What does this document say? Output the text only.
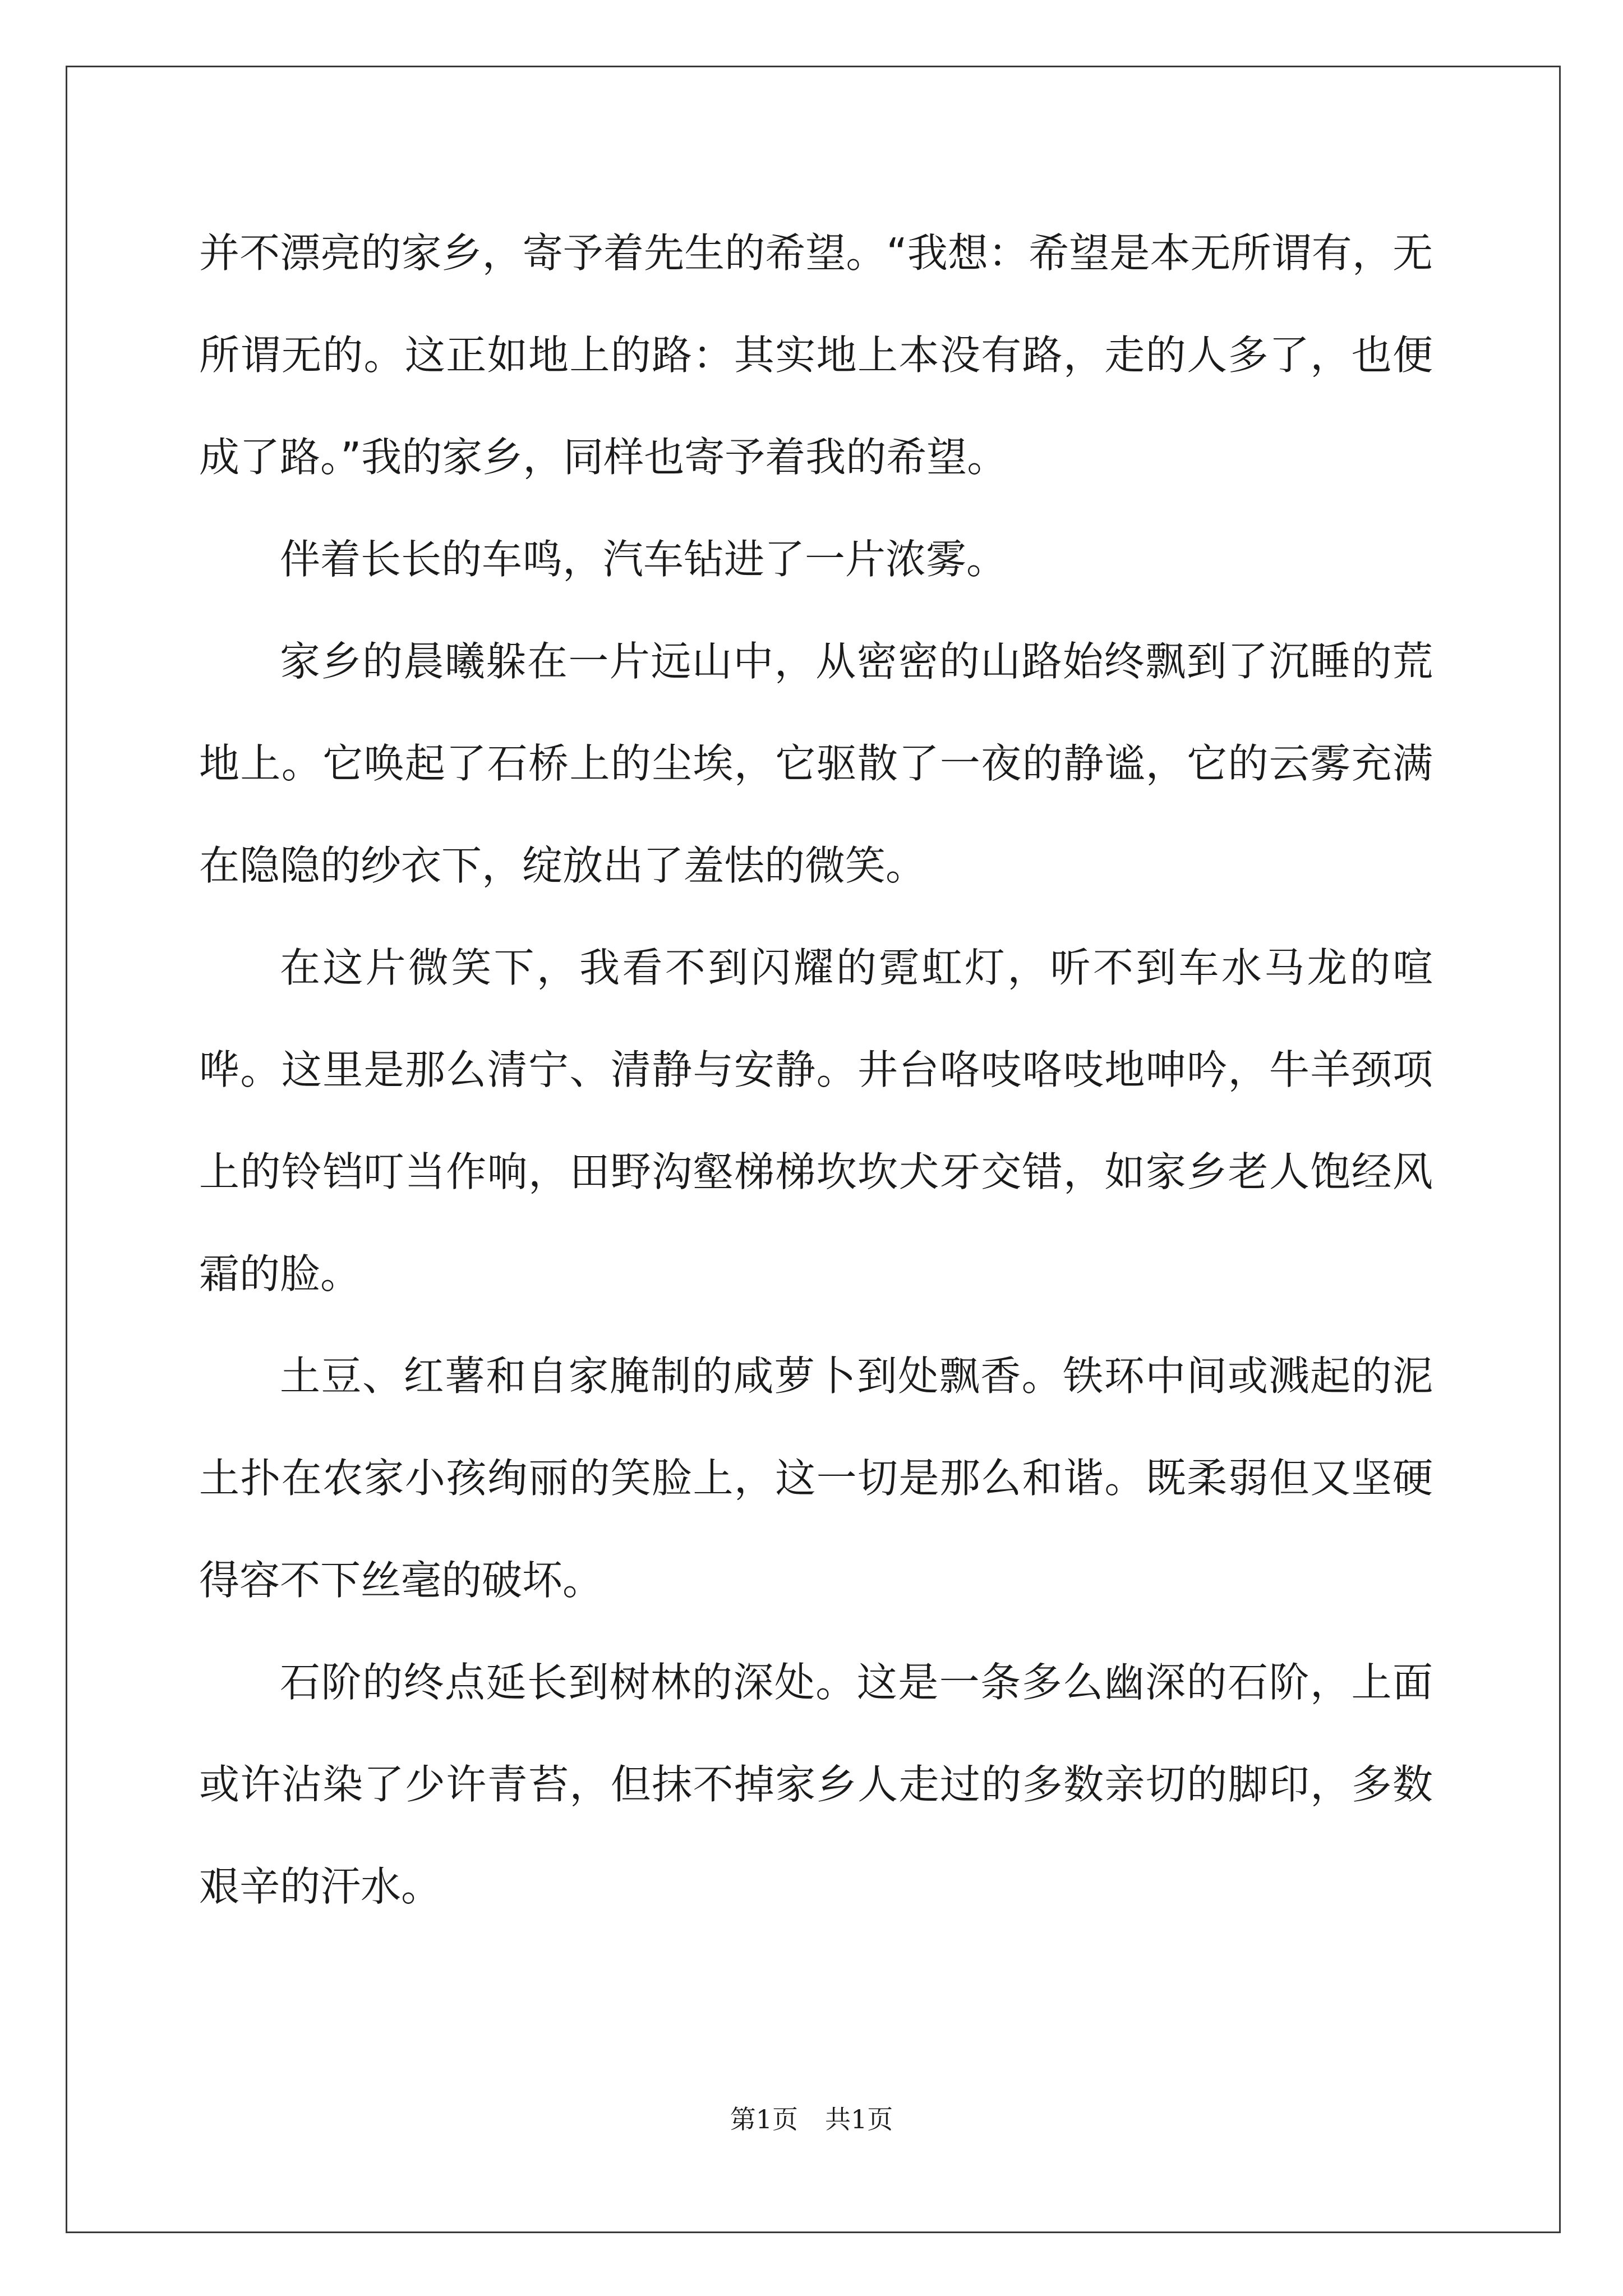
并不漂亮的家乡，寄予着先生的希望。“我想：希望是本无所谓有，无所谓无的。这正如地上的路：其实地上本没有路，走的人多了，也便成了路。”我的家乡，同样也寄予着我的希望。

伴着长长的车鸣，汽车钻进了一片浓雾。

家乡的晨曦躲在一片远山中，从密密的山路始终飘到了沉睡的荒地上。它唤起了石桥上的尘埃，它驱散了一夜的静谧，它的云雾充满在隐隐的纱衣下，绽放出了羞怯的微笑。

在这片微笑下，我看不到闪耀的霓虹灯，听不到车水马龙的喧哗。这里是那么清宁、清静与安静。井台咯吱咯吱地呻吟，牛羊颈项上的铃铛叮当作响，田野沟壑梯梯坎坎犬牙交错，如家乡老人饱经风霜的脸。

土豆、红薯和自家腌制的咸萝卜到处飘香。铁环中间或溅起的泥土扑在农家小孩绚丽的笑脸上，这一切是那么和谐。既柔弱但又坚硬得容不下丝毫的破坏。

石阶的终点延长到树林的深处。这是一条多么幽深的石阶，上面或许沾染了少许青苔，但抹不掉家乡人走过的多数亲切的脚印，多数艰辛的汗水。

第1页 共1页
